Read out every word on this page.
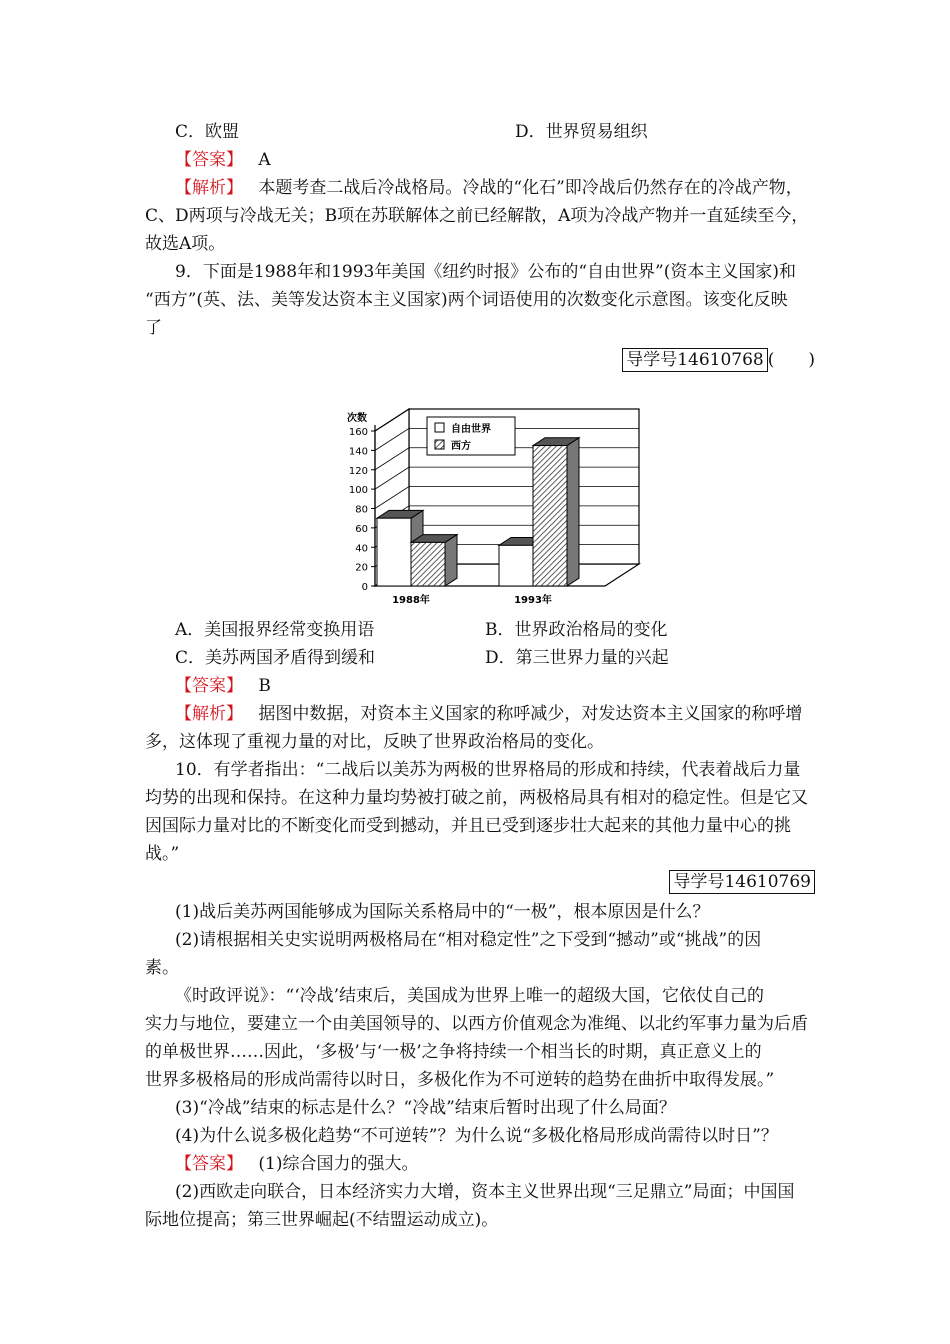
C．欧盟	D．世界贸易组织
【答案】 A
【解析】 本题考查二战后冷战格局。冷战的“化石”即冷战后仍然存在的冷战产物，
C、D两项与冷战无关；B项在苏联解体之前已经解散，A项为冷战产物并一直延续至今，
故选A项。
9．下面是1988年和1993年美国《纽约时报》公布的“自由世界”(资本主义国家)和
“西方”(英、法、美等发达资本主义国家)两个词语使用的次数变化示意图。该变化反映
了
导学号14610768 (　　)
0
20
40
60
80
100
120
140
160
次数
1988年	1993年
自由世界
西方
A．美国报界经常变换用语	B．世界政治格局的变化
C．美苏两国矛盾得到缓和	D．第三世界力量的兴起
【答案】 B
【解析】 据图中数据，对资本主义国家的称呼减少，对发达资本主义国家的称呼增
多，这体现了重视力量的对比，反映了世界政治格局的变化。
10．有学者指出：“二战后以美苏为两极的世界格局的形成和持续，代表着战后力量
均势的出现和保持。在这种力量均势被打破之前，两极格局具有相对的稳定性。但是它又
因国际力量对比的不断变化而受到撼动，并且已受到逐步壮大起来的其他力量中心的挑
战。”
导学号14610769
(1)战后美苏两国能够成为国际关系格局中的“一极”，根本原因是什么？
(2)请根据相关史实说明两极格局在“相对稳定性”之下受到“撼动”或“挑战”的因
素。
《时政评说》：“‘冷战’结束后，美国成为世界上唯一的超级大国，它依仗自己的
实力与地位，要建立一个由美国领导的、以西方价值观念为准绳、以北约军事力量为后盾
的单极世界……因此，‘多极’与‘一极’之争将持续一个相当长的时期，真正意义上的
世界多极格局的形成尚需待以时日，多极化作为不可逆转的趋势在曲折中取得发展。”
(3)“冷战”结束的标志是什么？“冷战”结束后暂时出现了什么局面？
(4)为什么说多极化趋势“不可逆转”？为什么说“多极化格局形成尚需待以时日”？
【答案】 (1)综合国力的强大。
(2)西欧走向联合，日本经济实力大增，资本主义世界出现“三足鼎立”局面；中国国
际地位提高；第三世界崛起(不结盟运动成立)。
